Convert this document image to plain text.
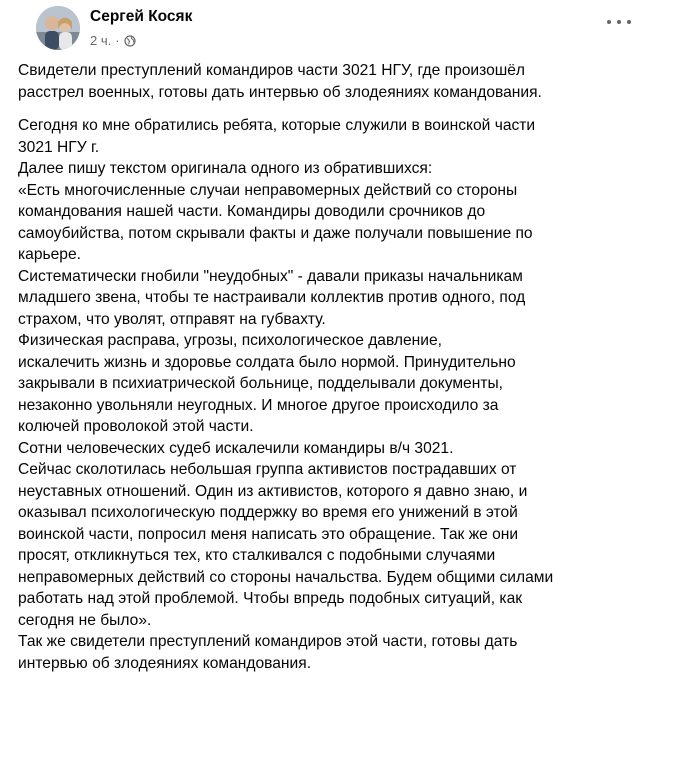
Сергей Косяк
2 ч. ·
Свидетели преступлений командиров части 3021 НГУ, где произошёл
расстрел военных, готовы дать интервью об злодеяниях командования.
Сегодня ко мне обратились ребята, которые служили в воинской части
3021 НГУ г.
Далее пишу текстом оригинала одного из обратившихся:
«Есть многочисленные случаи неправомерных действий со стороны
командования нашей части. Командиры доводили срочников до
самоубийства, потом скрывали факты и даже получали повышение по
карьере.
Систематически гнобили "неудобных" - давали приказы начальникам
младшего звена, чтобы те настраивали коллектив против одного, под
страхом, что уволят, отправят на губвахту.
Физическая расправа, угрозы, психологическое давление,
искалечить жизнь и здоровье солдата было нормой. Принудительно
закрывали в психиатрической больнице, подделывали документы,
незаконно увольняли неугодных. И многое другое происходило за
колючей проволокой этой части.
Сотни человеческих судеб искалечили командиры в/ч 3021.
Сейчас сколотилась небольшая группа активистов пострадавших от
неуставных отношений. Один из активистов, которого я давно знаю, и
оказывал психологическую поддержку во время его унижений в этой
воинской части, попросил меня написать это обращение. Так же они
просят, откликнуться тех, кто сталкивался с подобными случаями
неправомерных действий со стороны начальства. Будем общими силами
работать над этой проблемой. Чтобы впредь подобных ситуаций, как
сегодня не было».
Так же свидетели преступлений командиров этой части, готовы дать
интервью об злодеяниях командования.
